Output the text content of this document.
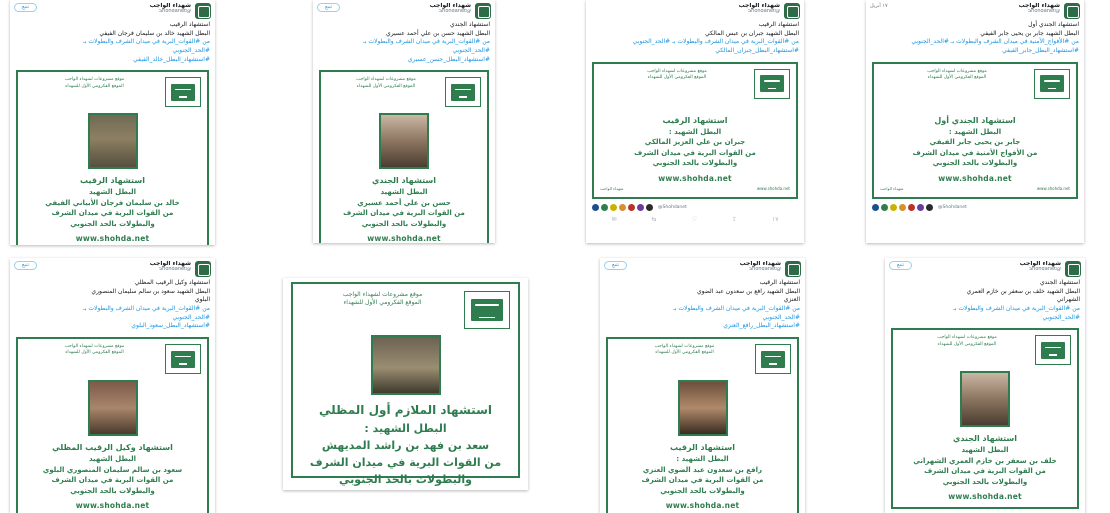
شهداء الواجب
@Shohdanet
تتبع
استشهاد الرقيب
البطل الشهيد خالد بن سليمان فرجان الفيفي
من #القوات_البرية في ميدان الشرف والبطولات بـ
#الحد_الجنوبي
#استشهاد_البطل_خالد_الفيفي
موقع مشروعات لشهداء الواجب
الموقع الفكرومي الأول للشهداء
استشهاد الرقيب
البطل الشهيد
خالد بن سليمان فرجان الأبياني الفيفي
من القوات البرية في ميدان الشرف
والبطولات بالحد الجنوبي
www.shohda.net
شهداء الواجب
@Shohdanet
تتبع
استشهاد الجندي
البطل الشهيد حسن بن علي أحمد عسيري
من #القوات_البرية في ميدان الشرف والبطولات بـ
#الحد_الجنوبي
#استشهاد_البطل_حسن_عسيري
موقع مشروعات لشهداء الواجب
الموقع الفكرومي الأول للشهداء
استشهاد الجندي
البطل الشهيد
حسن بن علي أحمد عسيري
من القوات البرية في ميدان الشرف
والبطولات بالحد الجنوبي
www.shohda.net
شهداء الواجب
@Shohdanet
استشهاد الرقيب
البطل الشهيد جبران بن عبس المالكي
من #القوات_البرية في ميدان الشرف والبطولات بـ #الحد_الجنوبي
#استشهاد_البطل_جبران_المالكي
موقع مشروعات لشهداء الواجب
الموقع الفكرومي الأول للشهداء
استشهاد الرقيب
البطل الشهيد :
جبران بن علي العزيز المالكي
من القوات البرية في ميدان الشرف
والبطولات بالحد الجنوبي
www.shohda.net
www.shohda.net
شهداء الواجب
@Shohdanet
✉	⇆	♡	⇪	١٧
شهداء الواجب
@Shohdanet
١٧ أبريل
استشهاد الجندي أول
البطل الشهيد جابر بن يحيى جابر الفيفي
من #الأفواج_الأمنية في ميدان الشرف والبطولات بـ #الحد_الجنوبي
#استشهاد_البطل_جابر_الفيفي
موقع مشروعات لشهداء الواجب
الموقع الفكرومي الأول للشهداء
استشهاد الجندي أول
البطل الشهيد :
جابر بن يحيى جابر الفيفي
من الأفواج الأمنية في ميدان الشرف
والبطولات بالحد الجنوبي
www.shohda.net
www.shohda.net
شهداء الواجب
@Shohdanet
شهداء الواجب
@Shohdanet
تتبع
استشهاد وكيل الرقيب المظلي
البطل الشهيد سعود بن سالم سليمان المنصوري
البلوي
من #القوات_البرية في ميدان الشرف والبطولات بـ
#الحد_الجنوبي
#استشهاد_البطل_سعود_البلوي
موقع مشروعات لشهداء الواجب
الموقع الفكرومي الأول للشهداء
استشهاد وكيل الرقيب المظلي
البطل الشهيد
سعود بن سالم سليمان المنصوري البلوي
من القوات البرية في ميدان الشرف
والبطولات بالحد الجنوبي
www.shohda.net
موقع مشروعات لشهداء الواجب
الموقع الفكرومي الأول للشهداء
استشهاد الملازم أول المظلي
البطل الشهيد :
سعد بن فهد بن راشد المديهش
من القوات البرية في ميدان الشرف
والبطولات بالحد الجنوبي
شهداء الواجب
@Shohdanet
تتبع
استشهاد الرقيب
البطل الشهيد رافع بن سعدون عبد الضوي
العنزي
من #القوات_البرية في ميدان الشرف والبطولات بـ
#الحد_الجنوبي
#استشهاد_البطل_رافع_العنزي
موقع مشروعات لشهداء الواجب
الموقع الفكرومي الأول للشهداء
استشهاد الرقيب
البطل الشهيد :
رافع بن سعدون عبد الضوي العنزي
من القوات البرية في ميدان الشرف
والبطولات بالحد الجنوبي
www.shohda.net
شهداء الواجب
@Shohdanet
تتبع
استشهاد الجندي
البطل الشهيد خلف بن سعفر بن خازم العمري
الشهراني
من #القوات_البرية في ميدان الشرف والبطولات بـ
#الحد_الجنوبي
موقع مشروعات لشهداء الواجب
الموقع الفكرومي الأول للشهداء
استشهاد الجندي
البطل الشهيد
خلف بن سعفر بن خازم العمري الشهراني
من القوات البرية في ميدان الشرف
والبطولات بالحد الجنوبي
www.shohda.net
